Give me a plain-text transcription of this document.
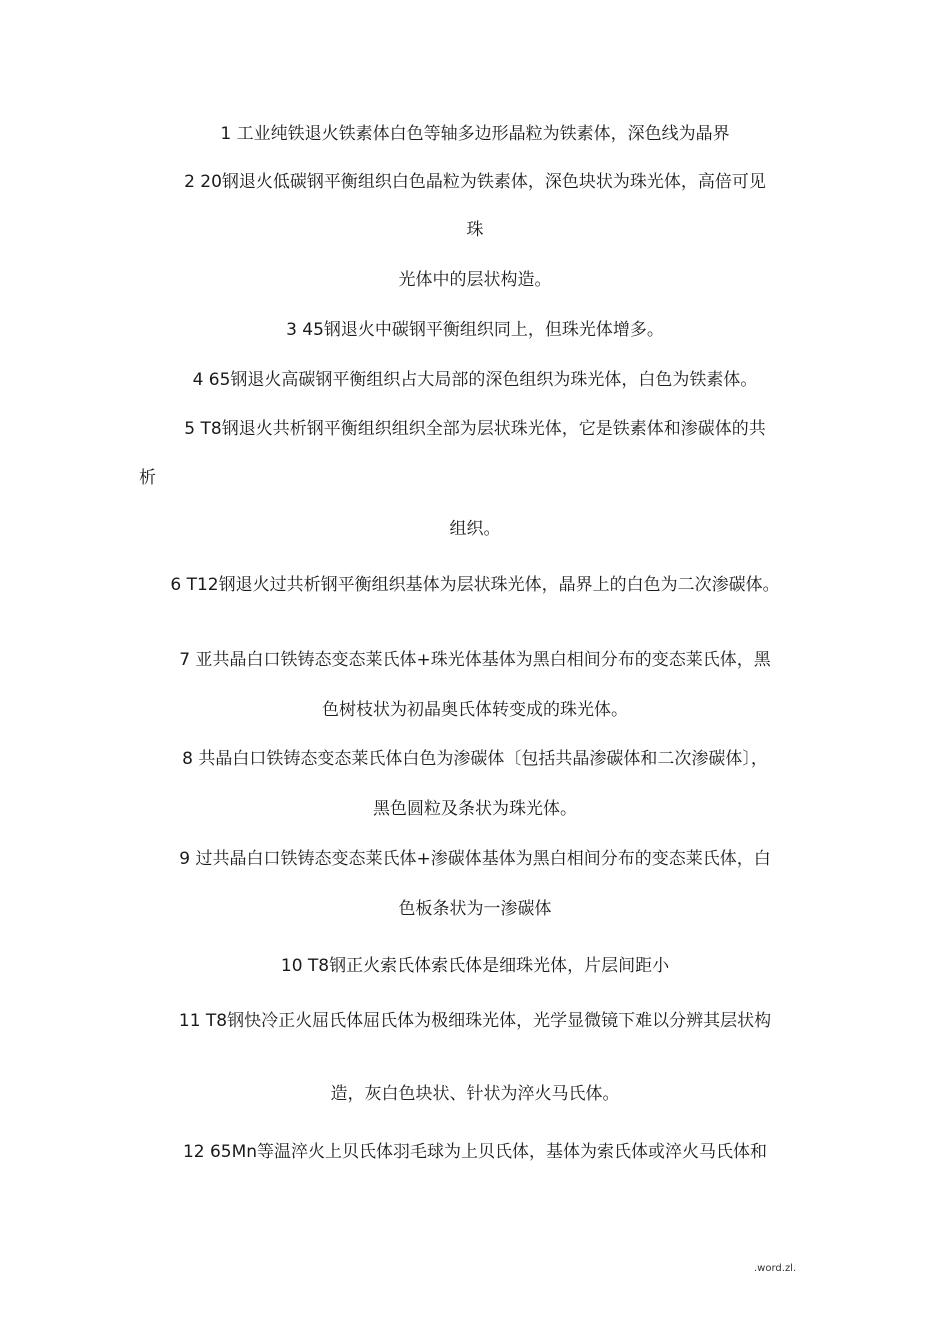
1 工业纯铁退火铁素体白色等轴多边形晶粒为铁素体，深色线为晶界
2 20钢退火低碳钢平衡组织白色晶粒为铁素体，深色块状为珠光体，高倍可见
珠
光体中的层状构造。
3 45钢退火中碳钢平衡组织同上，但珠光体增多。
4 65钢退火高碳钢平衡组织占大局部的深色组织为珠光体，白色为铁素体。
5 T8钢退火共析钢平衡组织组织全部为层状珠光体，它是铁素体和渗碳体的共
析
组织。
6 T12钢退火过共析钢平衡组织基体为层状珠光体，晶界上的白色为二次渗碳体。
7 亚共晶白口铁铸态变态莱氏体+珠光体基体为黑白相间分布的变态莱氏体，黑
色树枝状为初晶奥氏体转变成的珠光体。
8 共晶白口铁铸态变态莱氏体白色为渗碳体〔包括共晶渗碳体和二次渗碳体〕，
黑色圆粒及条状为珠光体。
9 过共晶白口铁铸态变态莱氏体+渗碳体基体为黑白相间分布的变态莱氏体，白
色板条状为一渗碳体
10 T8钢正火索氏体索氏体是细珠光体，片层间距小
11 T8钢快冷正火屈氏体屈氏体为极细珠光体，光学显微镜下难以分辨其层状构
造，灰白色块状、针状为淬火马氏体。
12 65Mn等温淬火上贝氏体羽毛球为上贝氏体，基体为索氏体或淬火马氏体和
.word.zl.
